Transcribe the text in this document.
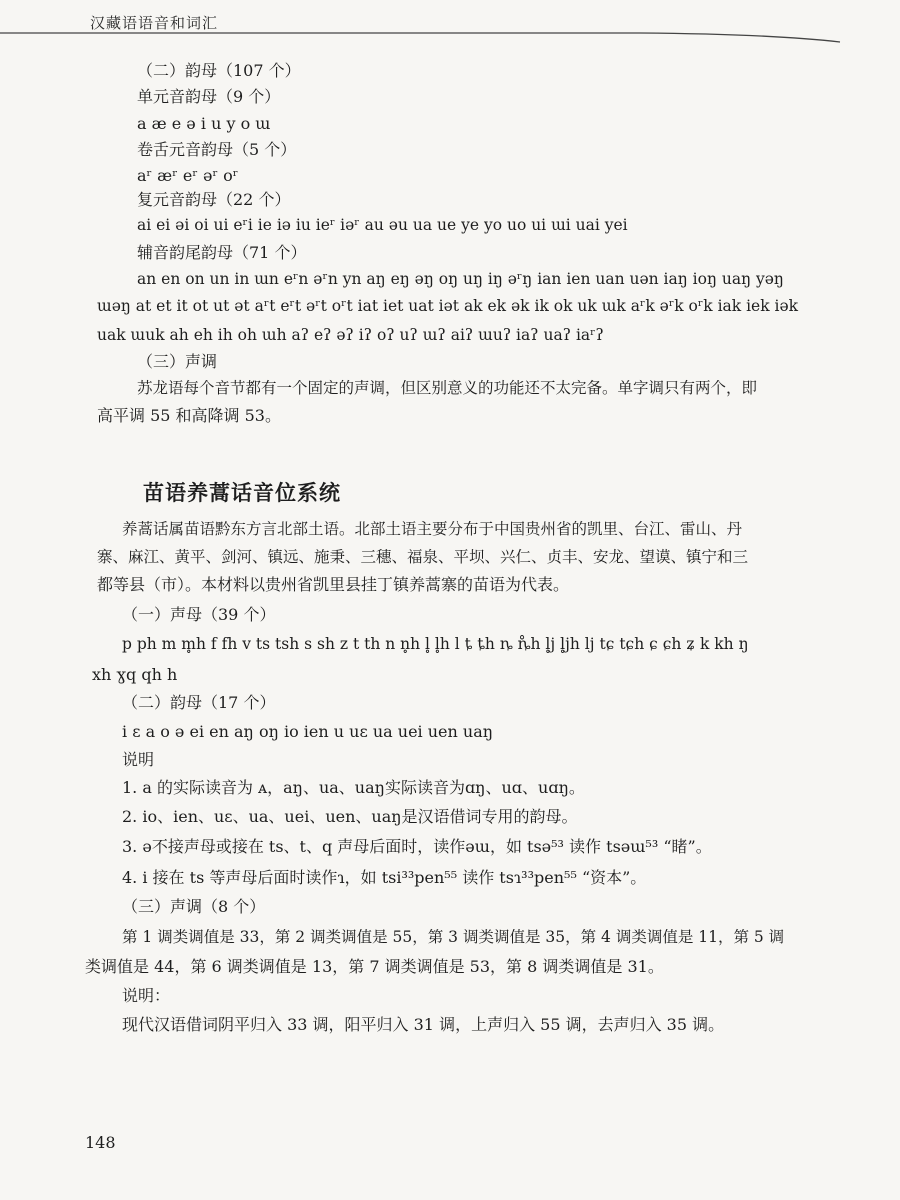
汉藏语语音和词汇
（二）韵母（107 个）
单元音韵母（9 个）
a æ e ə i u y o ɯ
卷舌元音韵母（5 个）
aʳ æʳ eʳ əʳ oʳ
复元音韵母（22 个）
ai ei əi oi ui eʳi ie iə iu ieʳ iəʳ au əu ua ue ye yo uo ui ɯi uai yei
辅音韵尾韵母（71 个）
an en on un in ɯn eʳn əʳn yn aŋ eŋ əŋ oŋ uŋ iŋ əʳŋ ian ien uan uən iaŋ ioŋ uaŋ yəŋ
ɯəŋ at et it ot ut ət aʳt eʳt əʳt oʳt iat iet uat iət ak ek ək ik ok uk ɯk aʳk əʳk oʳk iak iek iək
uak ɯuk ah eh ih oh ɯh aʔ eʔ əʔ iʔ oʔ uʔ ɯʔ aiʔ ɯuʔ iaʔ uaʔ iaʳʔ
（三）声调
苏龙语每个音节都有一个固定的声调，但区别意义的功能还不太完备。单字调只有两个，即
高平调 55 和高降调 53。
苗语养蒿话音位系统
养蒿话属苗语黔东方言北部土语。北部土语主要分布于中国贵州省的凯里、台江、雷山、丹
寨、麻江、黄平、剑河、镇远、施秉、三穗、福泉、平坝、兴仁、贞丰、安龙、望谟、镇宁和三
都等县（市）。本材料以贵州省凯里县挂丁镇养蒿寨的苗语为代表。
（一）声母（39 个）
p ph m m̥h f fh v ts tsh s sh z t th n n̥h l̥ l̥h l ȶ ȶh ȵ ȵ̊h l̥j l̥jh lj tɕ tɕh ɕ ɕh ʑ k kh ŋ
xh ɣq qh h
（二）韵母（17 个）
i ɛ a o ə ei en aŋ oŋ io ien u uɛ ua uei uen uaŋ
说明
1. a 的实际读音为 ᴀ，aŋ、ua、uaŋ实际读音为ɑŋ、uɑ、uɑŋ。
2. io、ien、uɛ、ua、uei、uen、uaŋ是汉语借词专用的韵母。
3. ə不接声母或接在 ts、t、q 声母后面时，读作əɯ，如 tsə⁵³ 读作 tsəɯ⁵³ “睹”。
4. i 接在 ts 等声母后面时读作ɿ，如 tsi³³pen⁵⁵ 读作 tsɿ³³pen⁵⁵ “资本”。
（三）声调（8 个）
第 1 调类调值是 33，第 2 调类调值是 55，第 3 调类调值是 35，第 4 调类调值是 11，第 5 调
类调值是 44，第 6 调类调值是 13，第 7 调类调值是 53，第 8 调类调值是 31。
说明：
现代汉语借词阴平归入 33 调，阳平归入 31 调，上声归入 55 调，去声归入 35 调。
148
